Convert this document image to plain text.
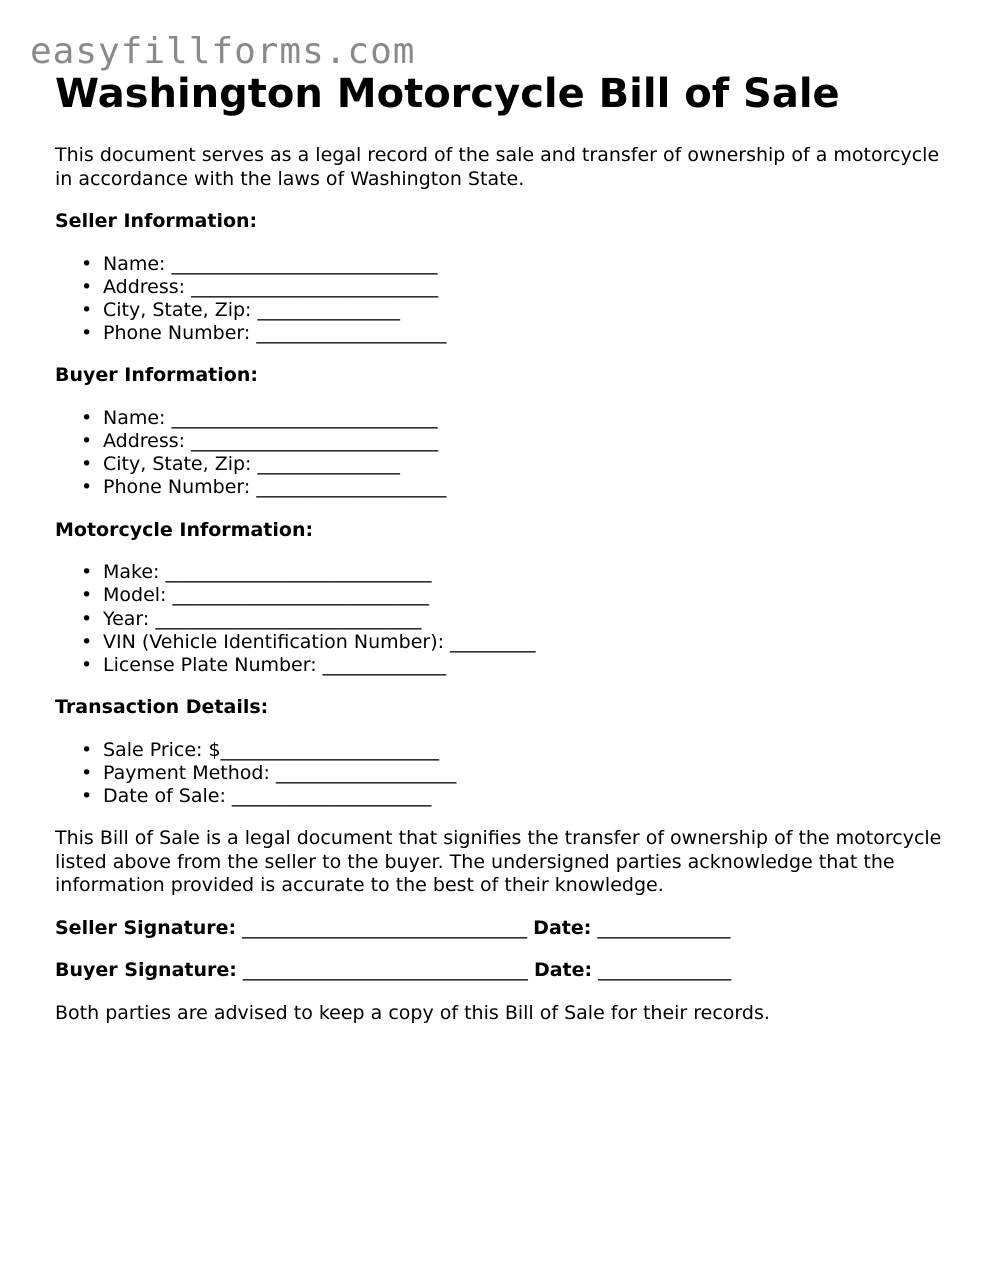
easyfillforms.com
Washington Motorcycle Bill of Sale

This document serves as a legal record of the sale and transfer of ownership of a motorcycle in accordance with the laws of Washington State.

Seller Information:
• Name: ____________________________
• Address: __________________________
• City, State, Zip: _______________
• Phone Number: ____________________
Buyer Information:
• Name: ____________________________
• Address: __________________________
• City, State, Zip: _______________
• Phone Number: ____________________
Motorcycle Information:
• Make: ____________________________
• Model: ___________________________
• Year: ____________________________
• VIN (Vehicle Identification Number): _________
• License Plate Number: _____________
Transaction Details:
• Sale Price: $_______________________
• Payment Method: ___________________
• Date of Sale: _____________________

This Bill of Sale is a legal document that signifies the transfer of ownership of the motorcycle listed above from the seller to the buyer. The undersigned parties acknowledge that the information provided is accurate to the best of their knowledge.

Seller Signature: ______________________________ Date: ______________
Buyer Signature: ______________________________ Date: ______________

Both parties are advised to keep a copy of this Bill of Sale for their records.
